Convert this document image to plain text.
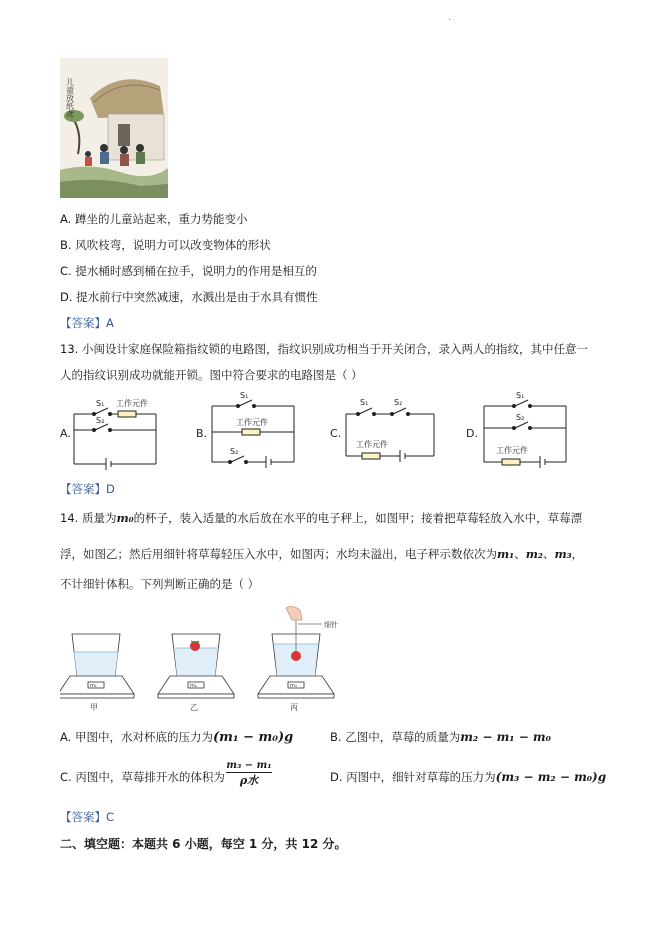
.
儿童放纸鸢
A. 蹲坐的儿童站起来，重力势能变小
B. 风吹枝弯，说明力可以改变物体的形状
C. 提水桶时感到桶在拉手，说明力的作用是相互的
D. 提水前行中突然减速，水溅出是由于水具有惯性
【答案】A
13. 小闽设计家庭保险箱指纹锁的电路图，指纹识别成功相当于开关闭合，录入两人的指纹，其中任意一
人的指纹识别成功就能开锁。图中符合要求的电路图是（ ）
A.
S₁ 工作元件
S₂
B.
S₁
工作元件
S₂
C.
S₁	S₂
工作元件
D.
S₁
S₂
工作元件
【答案】D
14. 质量为m₀的杯子，装入适量的水后放在水平的电子秤上，如图甲；接着把草莓轻放入水中，草莓漂
浮，如图乙；然后用细针将草莓轻压入水中，如图丙；水均未溢出，电子秤示数依次为m₁、m₂、m₃，
不计细针体积。下列判断正确的是（ ）
m₁
甲
m₂
乙
细针
m₃
丙
A. 甲图中，水对杯底的压力为(m₁ − m₀)g	B. 乙图中，草莓的质量为m₂ − m₁ − m₀
C. 丙图中，草莓排开水的体积为
m₃ − m₁
ρ水	D. 丙图中，细针对草莓的压力为(m₃ − m₂ − m₀)g
【答案】C
二、填空题：本题共 6 小题，每空 1 分，共 12 分。
